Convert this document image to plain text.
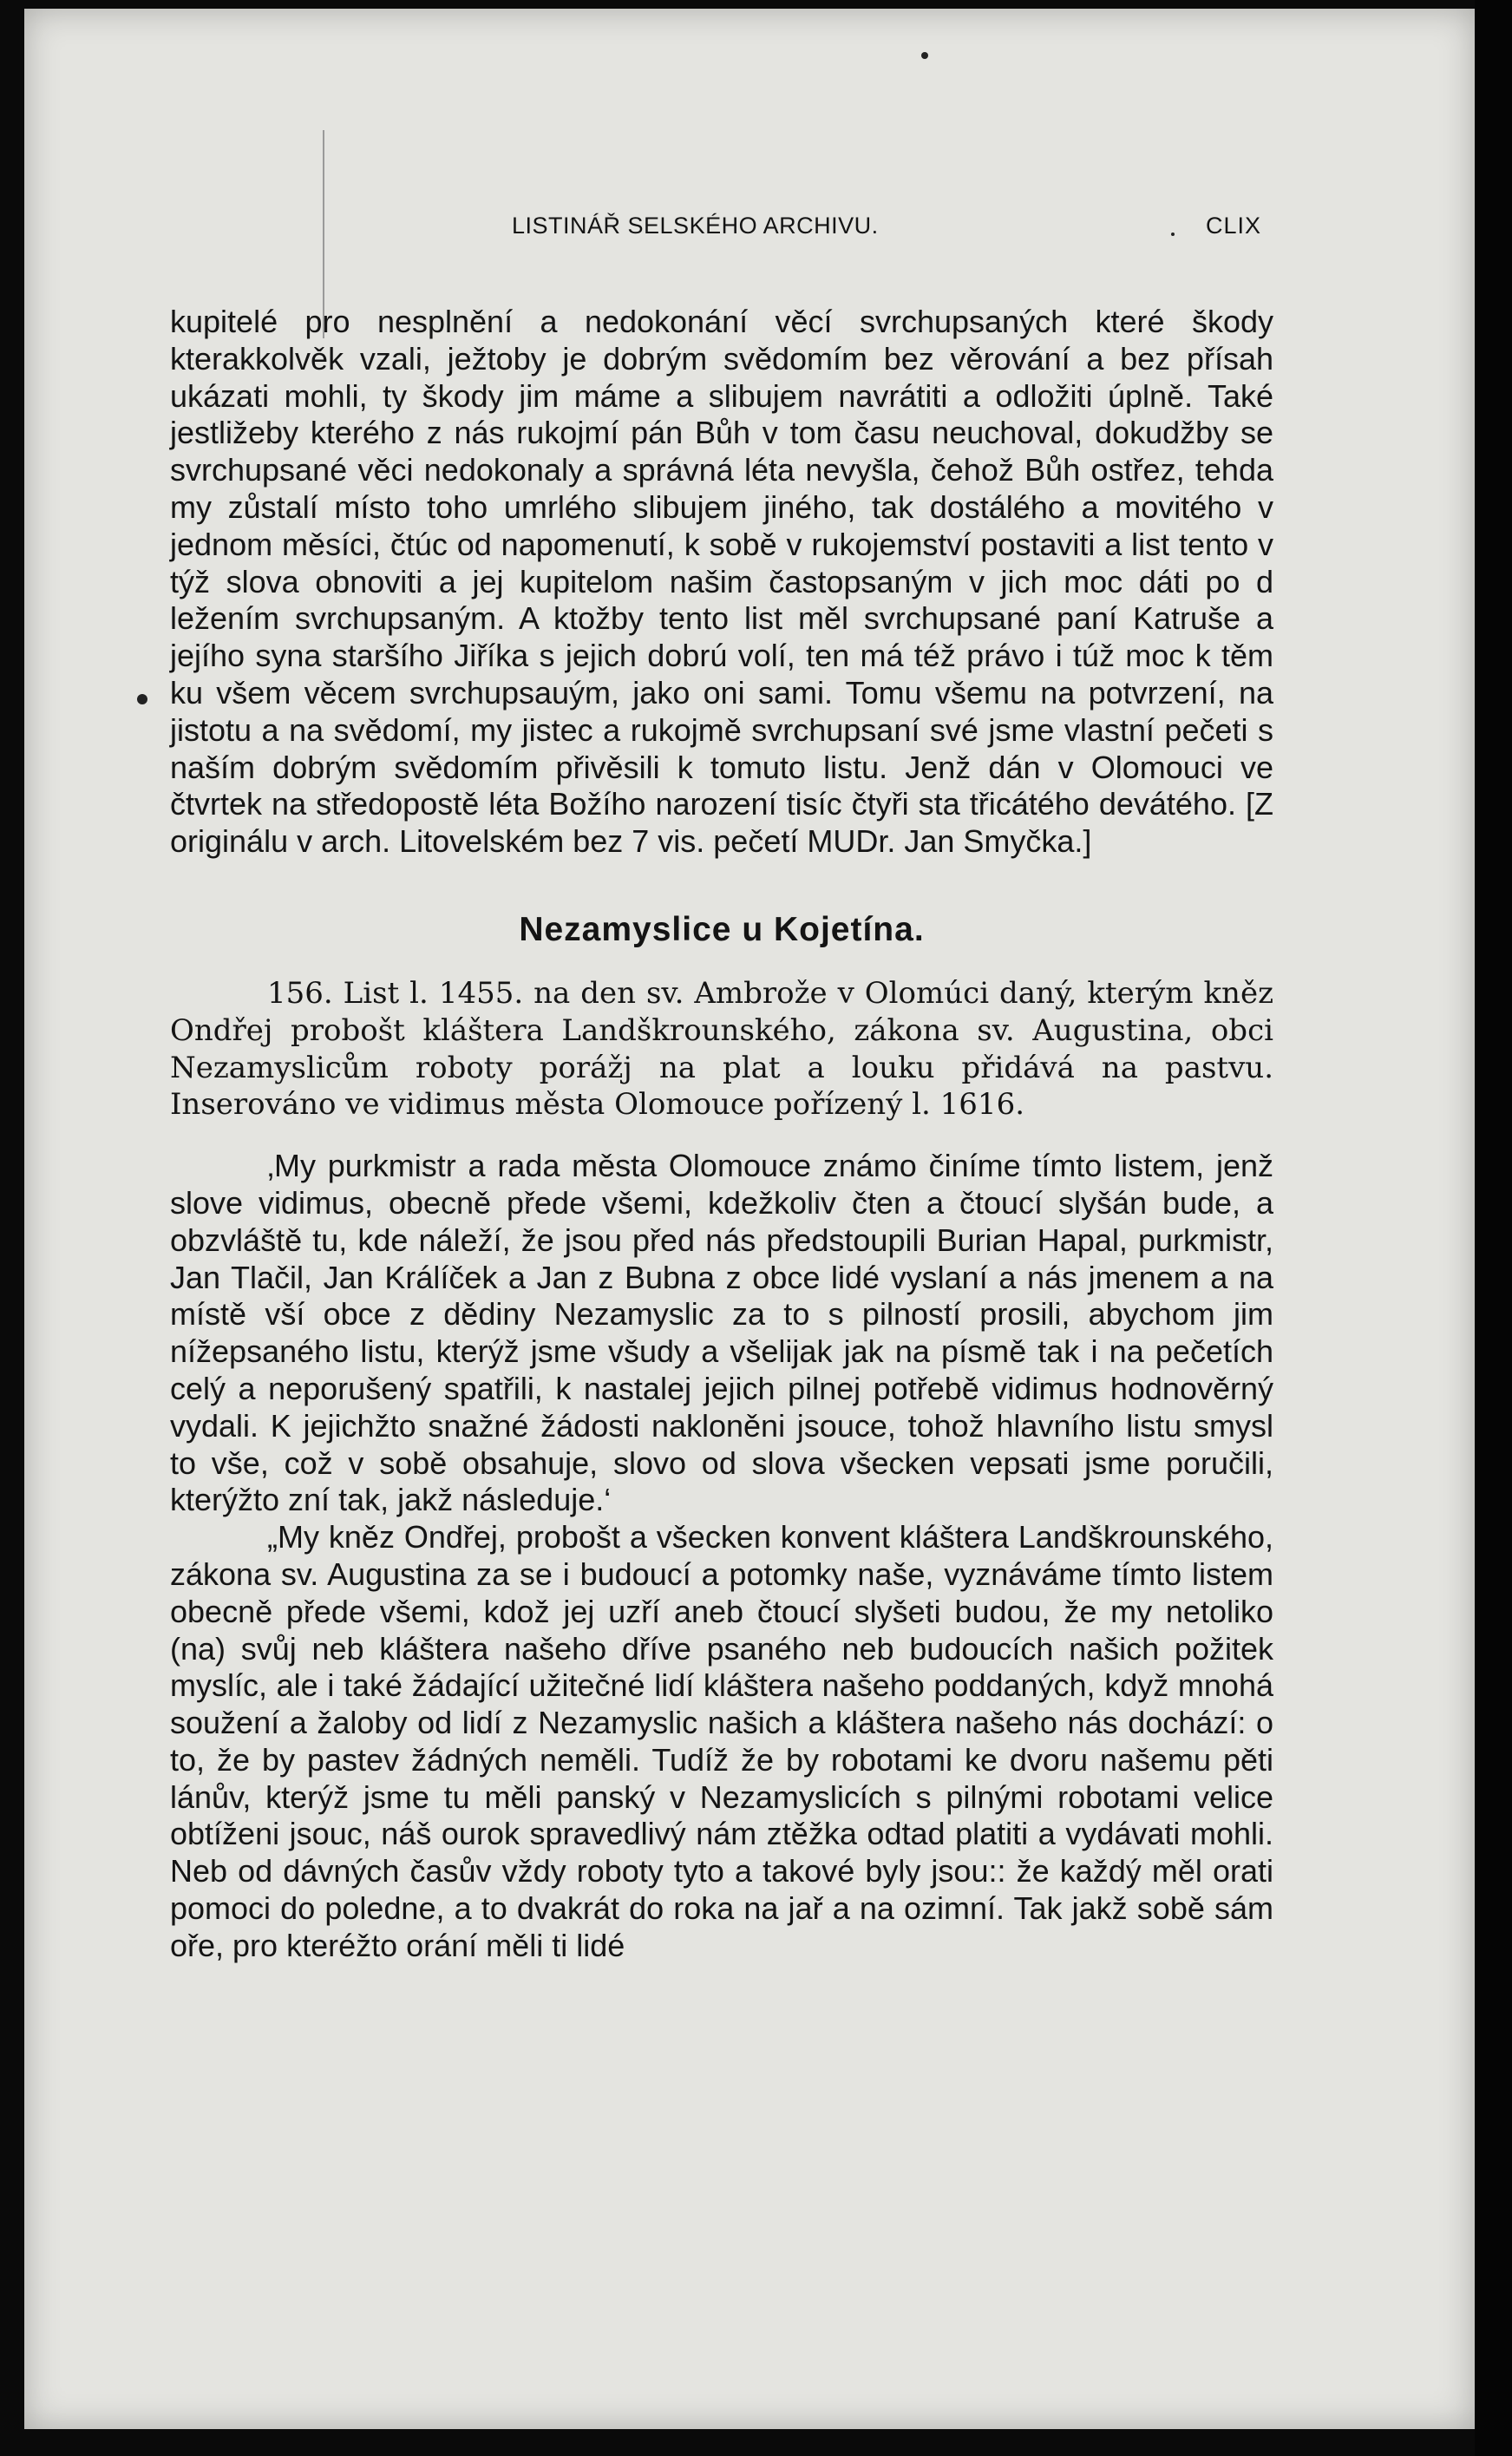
LISTINÁŘ SELSKÉHO ARCHIVU.	CLIX

kupitelé pro nesplnění a nedokonání věcí svrchupsaných které škody kterakkolvěk vzali, ježtoby je dobrým svědomím bez věrování a bez přísah ukázati mohli, ty škody jim máme a slibujem navrátiti a odložiti úplně. Také jestližeby kterého z nás rukojmí pán Bůh v tom času neuchoval, dokudžby se svrchupsané věci nedokonaly a správná léta nevyšla, čehož Bůh ostřez, tehda my zůstalí místo toho umrlého slibujem jiného, tak dostálého a movitého v jednom měsíci, čtúc od napomenutí, k sobě v rukojemství postaviti a list tento v týž slova obnoviti a jej kupitelom našim častopsaným v jich moc dáti po d ležením svrchupsaným. A ktožby tento list měl svrchupsané paní Katruše a jejího syna staršího Jiříka s jejich dobrú volí, ten má též právo i túž moc k těm ku všem věcem svrchupsauým, jako oni sami. Tomu všemu na potvrzení, na jistotu a na svědomí, my jistec a rukojmě svrchupsaní své jsme vlastní pečeti s naším dobrým svědomím přivěsili k tomuto listu. Jenž dán v Olomouci ve čtvrtek na středopostě léta Božího narození tisíc čtyři sta třicátého devátého. [Z originálu v arch. Litovelském bez 7 vis. pečetí MUDr. Jan Smyčka.]

Nezamyslice u Kojetína.

156. List l. 1455. na den sv. Ambrože v Olomúci daný, kterým kněz Ondřej probošt kláštera Landškrounského, zákona sv. Augustina, obci Nezamyslicům roboty porážj na plat a louku přidává na pastvu. Inserováno ve vidimus města Olomouce pořízený l. 1616.

‚My purkmistr a rada města Olomouce známo činíme tímto listem, jenž slove vidimus, obecně přede všemi, kdežkoliv čten a čtoucí slyšán bude, a obzvláště tu, kde náleží, že jsou před nás předstoupili Burian Hapal, purkmistr, Jan Tlačil, Jan Králíček a Jan z Bubna z obce lidé vyslaní a nás jmenem a na místě vší obce z dědiny Nezamyslic za to s pilností prosili, abychom jim nížepsaného listu, kterýž jsme všudy a všelijak jak na písmě tak i na pečetích celý a neporušený spatřili, k nastalej jejich pilnej potřebě vidimus hodnověrný vydali. K jejichžto snažné žádosti nakloněni jsouce, tohož hlavního listu smysl to vše, což v sobě obsahuje, slovo od slova všecken vepsati jsme poručili, kterýžto zní tak, jakž následuje.‘

„My kněz Ondřej, probošt a všecken konvent kláštera Landškrounského, zákona sv. Augustina za se i budoucí a potomky naše, vyznáváme tímto listem obecně přede všemi, kdož jej uzří aneb čtoucí slyšeti budou, že my netoliko (na) svůj neb kláštera našeho dříve psaného neb budoucích našich požitek myslíc, ale i také žádající užitečné lidí kláštera našeho poddaných, když mnohá soužení a žaloby od lidí z Nezamyslic našich a kláštera našeho nás dochází: o to, že by pastev žádných neměli. Tudíž že by robotami ke dvoru našemu pěti lánův, kterýž jsme tu měli panský v Nezamyslicích s pilnými robotami velice obtíženi jsouc, náš ourok spravedlivý nám ztěžka odtad platiti a vydávati mohli. Neb od dávných časův vždy roboty tyto a takové byly jsou:: že každý měl orati pomoci do poledne, a to dvakrát do roka na jař a na ozimní. Tak jakž sobě sám oře, pro kteréžto orání měli ti lidé
